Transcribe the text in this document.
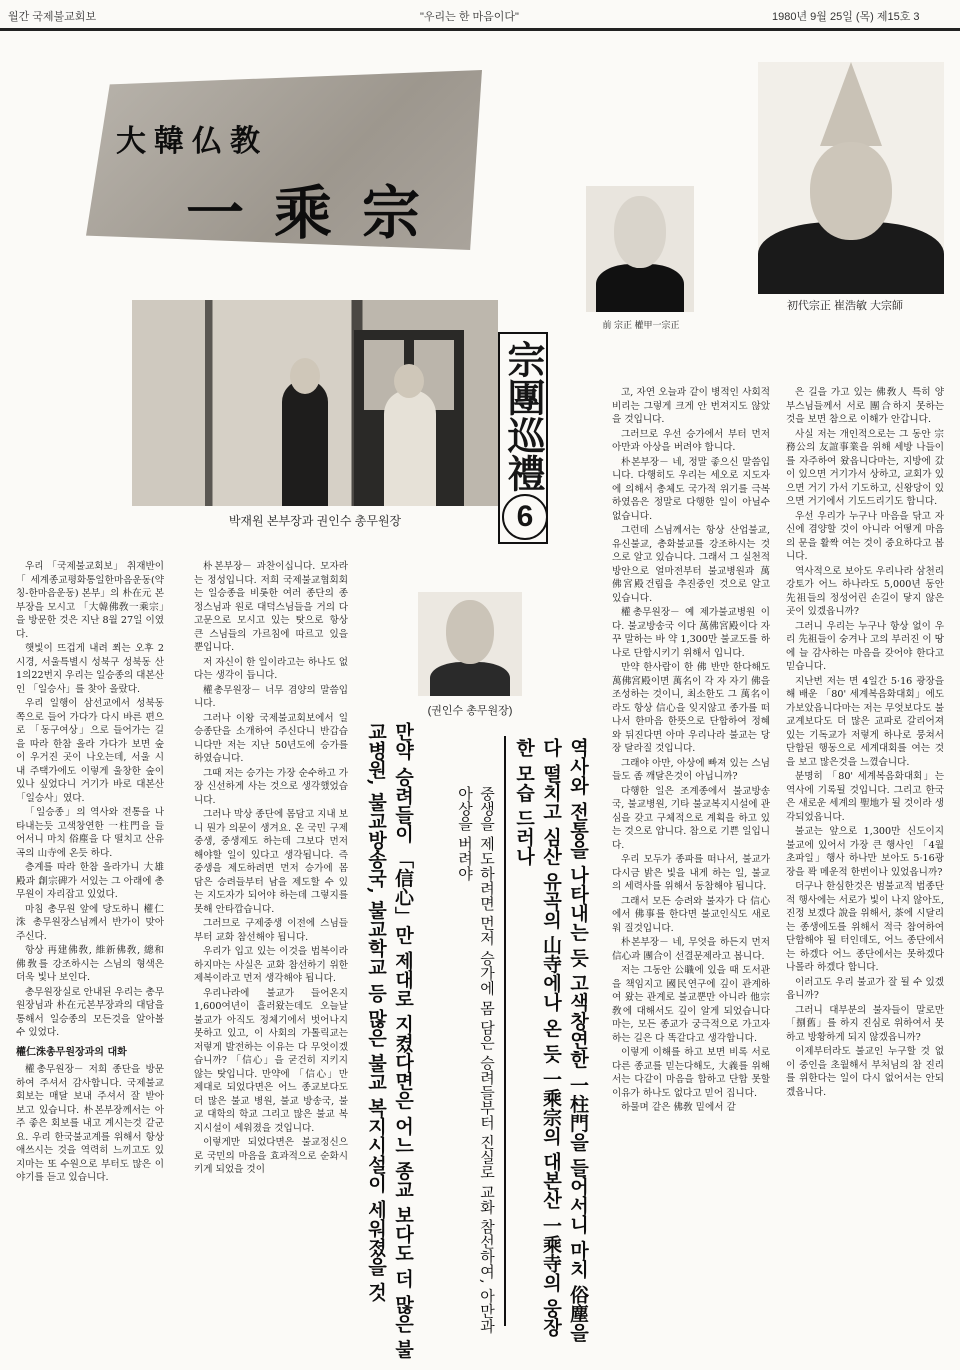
월간 국제불교회보	"우리는 한 마음이다"	1980년 9월 25일 (목) 제15호 3
大韓仏教
一乘宗
前 宗正 權甲一宗正
初代宗正 崔浩敏 大宗師
박재원 본부장과 권인수 총무원장
宗團巡禮
6
(권인수 총무원장)

우리 「국제불교회보」 취재반이 「세계종교평화통일한마음운동(약칭-한마음운동) 본부」의 朴在元 본부장을 모시고 「大韓佛敎一乘宗」을 방문한 것은 지난 8월 27일 이였다.

햇빛이 뜨겁게 내려 쬐는 오후 2시경, 서울특별시 성북구 성북동 산1의22번지 우리는 일승종의 대본산인 「일승사」를 찾아 올랐다.

우리 일행이 삼선교에서 성북동 쪽으로 들어 가다가 다시 바른 편으로 「동구여상」으로 들어가는 길을 따라 한참 올라 가다가 보면 숲이 우거진 곳이 나오는데, 서울 시내 주택가에도 이렇게 울창한 숲이 있나 싶었다니 거기가 바로 대본산 「일승사」였다.

「일승종」의 역사와 전통을 나타내는듯 고색창연한 一柱門을 들어서니 마치 俗塵을 다 떨치고 산유곡의 山寺에 온듯 하다.

층계를 따라 한참 올라가니 大雄殿과 創宗碑가 서있는 그 아래에 총무원이 자리잡고 있었다.

마침 총무원 앞에 당도하니 權仁洙 총무원장스님께서 반가이 맞아 주신다.

항상 再建佛敎, 維新佛敎, 總和佛敎를 강조하시는 스님의 형색은 더욱 빛나 보인다.

총무원장실로 안내된 우리는 총무원장님과 朴在元본부장과의 대담을 통해서 일승종의 모든것을 알아볼 수 있었다.

權仁洙총무원장과의 대화

權총무원장－ 저희 종단을 방문하여 주셔서 감사합니다. 국제불교회보는 매달 보내 주셔서 잘 받아 보고 있습니다. 朴본부장께서는 아주 좋은 회보를 내고 계시는것 같군요. 우리 한국불교계를 위해서 항상 애쓰시는 것을 역력히 느끼고도 있지마는 또 수원으로 부터도 많은 이야기를 듣고 있습니다.

朴본부장－ 과찬이십니다. 모자라는 정성입니다. 저희 국제불교협회회는 일승종을 비롯한 여러 종단의 종정스님과 원로 대덕스님들을 거의 다 고문으로 모시고 있는 탓으로 항상 큰 스님들의 가르침에 따르고 있을 뿐입니다.

저 자신이 한 일이라고는 하나도 없다는 생각이 듭니다.

權총무원장－ 너무 겸양의 말씀입니다.

그러나 이왕 국제불교회보에서 일승종단을 소개하여 주신다니 반갑습니다만 저는 지난 50년도에 승가를 하였습니다.

그때 저는 승가는 가장 순수하고 가장 신선하게 사는 것으로 생각했었습니다.

그러나 막상 종단에 몸담고 지내 보니 뭔가 의문이 생겨요. 온 국민 구제중생, 중생제도 하는데 그보다 먼저 해야할 일이 있다고 생각됩니다. 즉 중생을 제도하려면 먼저 승가에 몸 담은 승려들부터 남을 제도할 수 있는 지도자가 되어야 하는데 그렇지를 못해 안타깝습니다.

그러므로 구제중생 이전에 스님들부터 교화 참선해야 됩니다.

우리가 입고 있는 이것을 법복이라 하지마는 사실은 교화 참선하기 위한 제복이라고 먼저 생각해야 됩니다.

우리나라에 불교가 들어온지 1,600여년이 흘러왔는데도 오늘날 불교가 아직도 정체기에서 벗어나지 못하고 있고, 이 사회의 가톨릭교는 저렇게 발전하는 이유는 다 무엇이겠습니까? 「信心」을 굳건히 지키지 않는 탓입니다. 만약에 「信心」만 제대로 되었다면은 어느 종교보다도 더 많은 불교 병원, 불교 방송국, 불교 대학의 학교 그리고 많은 불교 복지시설이 세워졌을 것입니다.

이렇게만 되었다면은 불교정신으로 국민의 마음을 효과적으로 순화시키게 되었을 것이	만약 승려들이 「信心」만 제대로 지켰다면은 어느 종교 보다도 더 많은 불교병원, 불교방송국, 불교학교 등 많은 불교 복지시설이 세워졌을 것	중생을 제도하려면 먼저 승가에 몸 담은 승려들부터 진실로 교화 참선하여, 아만과 아상을 버려야	역사와 전통을 나타내는 듯 고색창연한 一柱門을 들어서니 마치 俗塵을 다 떨치고 심산 유곡의 山寺에나 온 듯 一乘宗의 대본산 一乘寺의 웅장한 모습 드러나

고, 자연 오늘과 같이 병적인 사회적 비리는 그렇게 크게 안 번져지도 않았을 것입니다.

그러므로 우선 승가에서 부터 먼저 아만과 아상을 버려야 합니다.

朴본부장－ 네, 정말 좋으신 말씀입니다. 다행히도 우리는 세오로 지도자에 의해서 총체도 국가적 위기를 극복하였음은 정말로 다행한 일이 아닐수 없습니다.

그런데 스님께서는 항상 산업불교, 유신불교, 총화불교를 강조하시는 것으로 알고 있습니다. 그래서 그 실천적 방안으로 얼마전부터 불교병원과 萬佛宮殿건립을 추진중인 것으로 알고 있습니다.

權총무원장－ 예 제가불교병원 이다. 불교방송국 이다 萬佛宮殿이다 자꾸 말하는 바 약 1,300만 불교도를 하나로 단합시키기 위해서 입니다.

만약 한사람이 한 佛 반만 한다해도 萬佛宮殿이면 萬名이 각 자 자기 佛을 조성하는 것이니, 최소한도 그 萬名이라도 항상 信心을 잊지않고 종가를 떠나서 한마음 한뜻으로 단합하여 정혜와 뒤진다면 아마 우리나라 불교는 당장 달라질 것입니다.

그래야 아만, 아상에 빠져 있는 스님들도 좀 깨달은것이 아닙니까?

다행한 일은 조계종에서 불교방송국, 불교병원, 기타 불교복지시설에 관심을 갖고 구체적으로 계획을 하고 있는 것으로 압니다. 참으로 기쁜 일입니다.

우리 모두가 종파를 떠나서, 불교가 다시금 밝은 빛을 내게 하는 일, 불교의 세력사를 위해서 동참해야 됩니다.

그래서 모든 승려와 불자가 다 信心에서 佛事를 한다면 불교인식도 새로워 질것입니다.

朴본부장－ 네, 무엇을 하든지 먼저 信心과 團合이 선결문제라고 봅니다.

저는 그동안 公職에 있을 때 도서관을 책임지고 國民연구에 깊이 관계하여 왔는 관계로 불교뿐만 아니라 他宗敎에 대해서도 깊이 알게 되었습니다마는, 모든 종교가 궁극적으로 가고자 하는 길은 다 똑같다고 생각합니다.

이렇게 이해를 하고 보면 비록 서로 다른 종교를 믿는다해도, 大義를 위해서는 다같이 마음을 합하고 단합 못할 이유가 하나도 없다고 믿어 집니다.

하물며 같은 佛敎 밑에서 같

은 길을 가고 있는 佛敎人 특히 양부스님들께서 서로 團合하지 못하는 것을 보면 참으로 이해가 안갑니다.

사실 저는 개인적으로는 그 동안 宗務公의 友誼事業을 위해 세방 나들이를 자주하여 왔읍니다마는, 지방에 갔이 있으면 거기가서 상하고, 교회가 있으면 거기 가서 기도하고, 신왕당이 있으면 거기에서 기도드리기도 합니다.

우선 우리가 누구나 마음을 닦고 자신에 겸양할 것이 아니라 어떻게 마음의 문을 활짝 여는 것이 중요하다고 봅니다.

역사적으로 보아도 우리나라 삼천리 강토가 어느 하나라도 5,000년 동안 先祖들의 정성어린 손길이 닿지 않은 곳이 있겠읍니까?

그러니 우리는 누구나 항상 없이 우리 先祖들이 숭겨나 고의 부러진 이 땅에 늘 감사하는 마음을 갖어야 한다고 믿습니다.

지난번 저는 면 4일간 5·16 광장을 해 배운 「80' 세계복음화대회」에도 가보았읍니다마는 저는 무엇보다도 불교계보다도 더 많은 교파로 갈리어져 있는 기독교가 저렇게 하나로 뭉쳐서 단합된 행동으로 세계대회를 여는 것을 보고 많은것을 느꼈습니다.

분명히 「80' 세계복음화대회」는 역사에 기록될 것입니다. 그리고 한국은 새로운 세계의 聖地가 될 것이라 생각되었읍니다.

불교는 앞으로 1,300만 신도이지 불교에 있어서 가장 큰 행사인 「4월 초파일」행사 하나만 보아도 5·16광장을 꽉 메운적 한번이나 있었읍니까?

더구나 한심한것은 범불교적 법종단적 행사에는 서로가 빛이 나지 않아도, 진정 보겠다 說을 위해서, 茶에 시달리는 종생에도를 위해서 적극 참여하여 단합해야 될 터인데도, 어느 종단에서는 하겠다 어느 종단에서는 못하겠다 나몰라 하겠다 합니다.

이러고도 우리 불교가 잘 될 수 있겠읍니까?

그러니 대부분의 불자들이 말로만 「捌舊」를 하지 진심로 위하여서 못하고 방황하게 되지 않겠읍니까?

이제부터라도 불교인 누구할 것 없이 중인을 초월해서 부처님의 참 진리를 위한다는 일이 다시 없어서는 안되겠읍니다.
